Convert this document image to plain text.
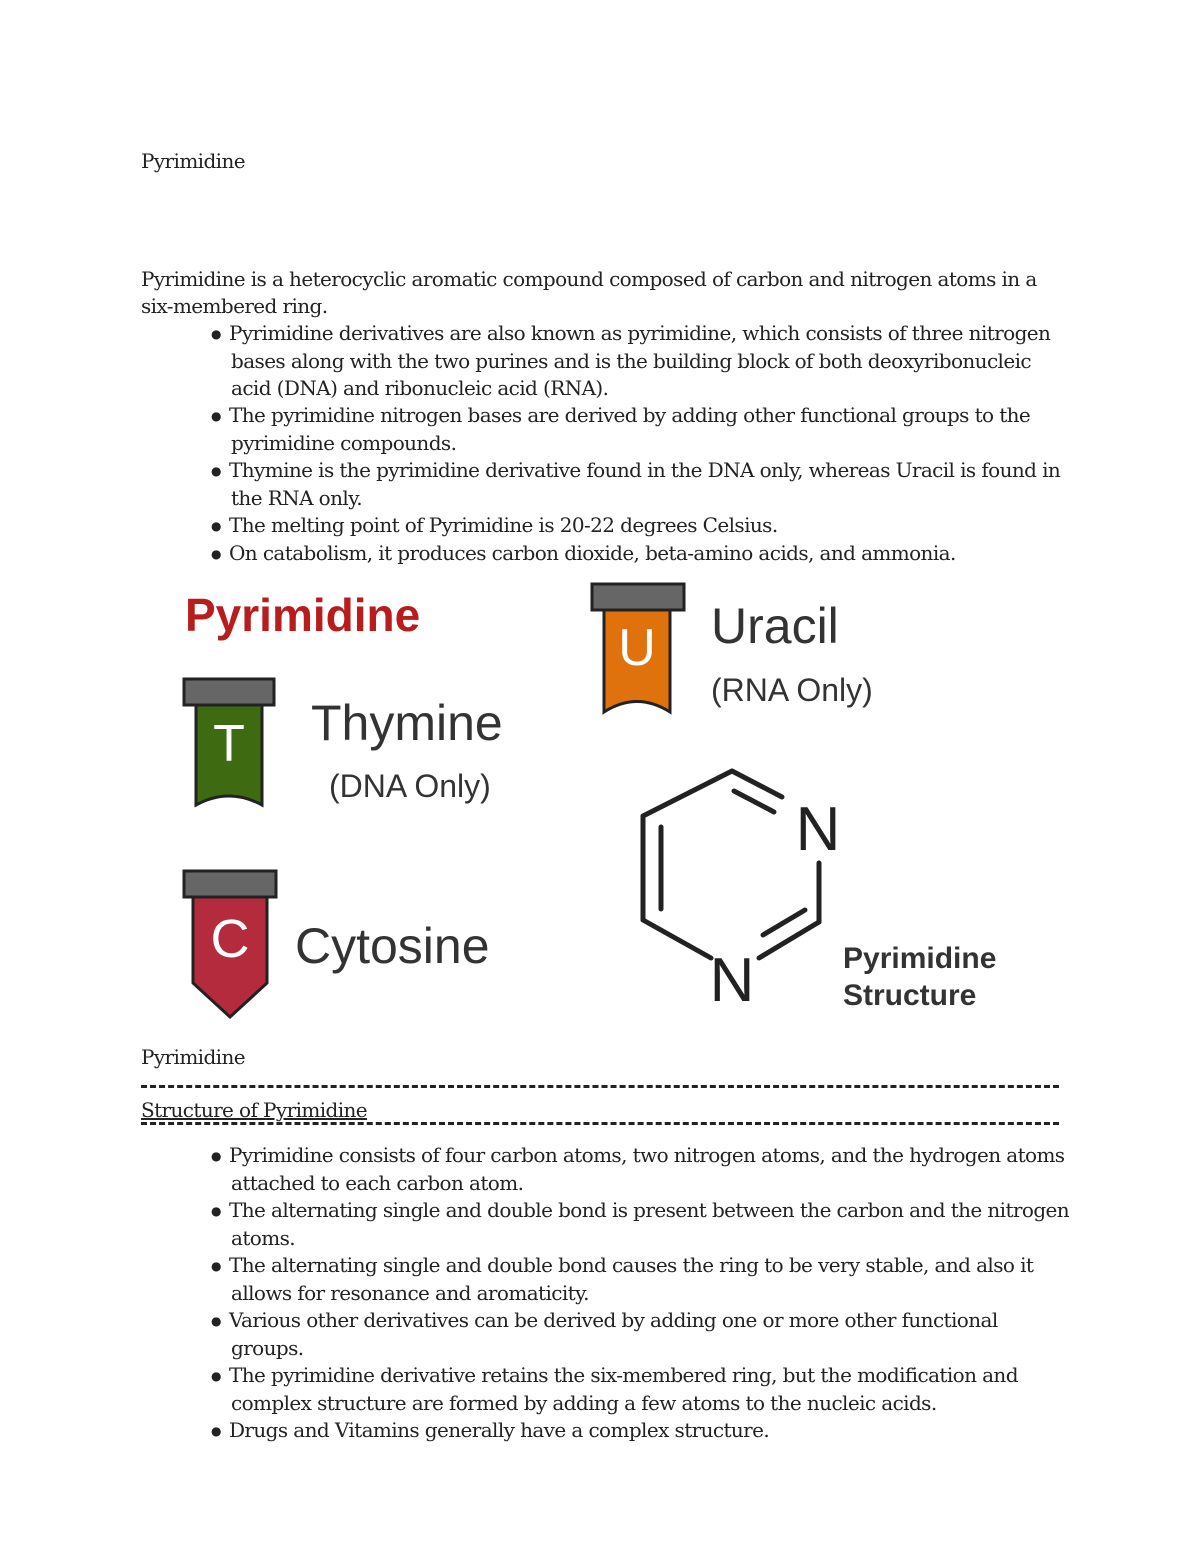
Pyrimidine
Pyrimidine is a heterocyclic aromatic compound composed of carbon and nitrogen atoms in a six-membered ring.
● Pyrimidine derivatives are also known as pyrimidine, which consists of three nitrogen bases along with the two purines and is the building block of both deoxyribonucleic acid (DNA) and ribonucleic acid (RNA).
● The pyrimidine nitrogen bases are derived by adding other functional groups to the pyrimidine compounds.
● Thymine is the pyrimidine derivative found in the DNA only, whereas Uracil is found in the RNA only.
● The melting point of Pyrimidine is 20-22 degrees Celsius.
● On catabolism, it produces carbon dioxide, beta-amino acids, and ammonia.
Pyrimidine
T Thymine
(DNA Only)
C Cytosine
U Uracil
(RNA Only)
N
N	Pyrimidine
Structure
Pyrimidine
Structure of Pyrimidine
● Pyrimidine consists of four carbon atoms, two nitrogen atoms, and the hydrogen atoms attached to each carbon atom.
● The alternating single and double bond is present between the carbon and the nitrogen atoms.
● The alternating single and double bond causes the ring to be very stable, and also it allows for resonance and aromaticity.
● Various other derivatives can be derived by adding one or more other functional groups.
● The pyrimidine derivative retains the six-membered ring, but the modification and complex structure are formed by adding a few atoms to the nucleic acids.
● Drugs and Vitamins generally have a complex structure.
